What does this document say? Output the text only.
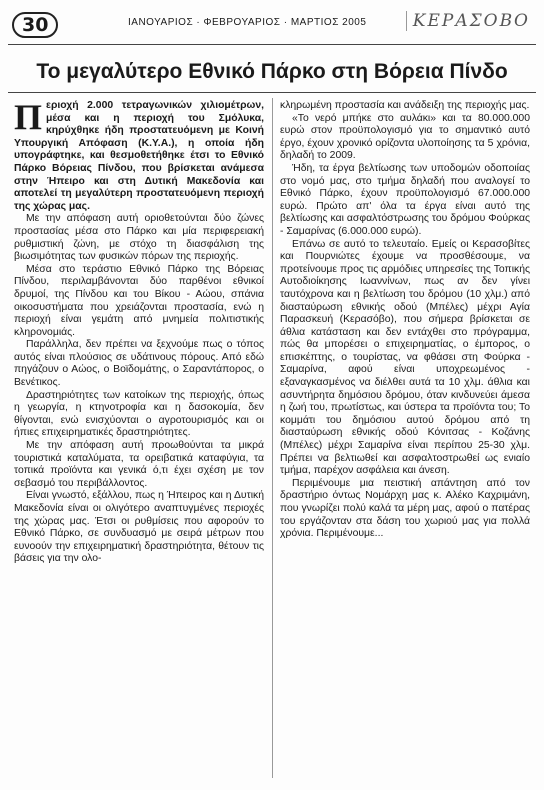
30	ΙΑΝΟΥΑΡΙΟΣ · ΦΕΒΡΟΥΑΡΙΟΣ · ΜΑΡΤΙΟΣ 2005	ΚΕΡΑΣΟΒΟ
Το μεγαλύτερο Εθνικό Πάρκο στη Βόρεια Πίνδο

Περιοχή 2.000 τετραγωνικών χιλιομέτρων, μέσα και η περιοχή του Σμόλυκα, κηρύχθηκε ήδη προστατευόμενη με Κοινή Υπουργική Απόφαση (Κ.Υ.Α.), η οποία ήδη υπογράφτηκε, και θεσμοθετήθηκε έτσι το Εθνικό Πάρκο Βόρειας Πίνδου, που βρίσκεται ανάμεσα στην Ήπειρο και στη Δυτική Μακεδονία και αποτελεί τη μεγαλύτερη προστατευόμενη περιοχή της χώρας μας.

Με την απόφαση αυτή οριοθετούνται δύο ζώνες προστασίας μέσα στο Πάρκο και μία περιφερειακή ρυθμιστική ζώνη, με στόχο τη διασφάλιση της βιωσιμότητας των φυσικών πόρων της περιοχής.

Μέσα στο τεράστιο Εθνικό Πάρκο της Βόρειας Πίνδου, περιλαμβάνονται δύο παρθένοι εθνικοί δρυμοί, της Πίνδου και του Βίκου - Αώου, σπάνια οικοσυστήματα που χρειάζονται προστασία, ενώ η περιοχή είναι γεμάτη από μνημεία πολιτιστικής κληρονομιάς.

Παράλληλα, δεν πρέπει να ξεχνούμε πως ο τόπος αυτός είναι πλούσιος σε υδάτινους πόρους. Από εδώ πηγάζουν ο Αώος, ο Βοϊδομάτης, ο Σαραντάπορος, ο Βενέτικος.

Δραστηριότητες των κατοίκων της περιοχής, όπως η γεωργία, η κτηνοτροφία και η δασοκομία, δεν θίγονται, ενώ ενισχύονται ο αγροτουρισμός και οι ήπιες επιχειρηματικές δραστηριότητες.

Με την απόφαση αυτή προωθούνται τα μικρά τουριστικά καταλύματα, τα ορειβατικά καταφύγια, τα τοπικά προϊόντα και γενικά ό,τι έχει σχέση με τον σεβασμό του περιβάλλοντος.

Είναι γνωστό, εξάλλου, πως η Ήπειρος και η Δυτική Μακεδονία είναι οι ολιγότερο αναπτυγμένες περιοχές της χώρας μας. Έτσι οι ρυθμίσεις που αφορούν το Εθνικό Πάρκο, σε συνδυασμό με σειρά μέτρων που ευνοούν την επιχειρηματική δραστηριότητα, θέτουν τις βάσεις για την ολο-

κληρωμένη προστασία και ανάδειξη της περιοχής μας.

«Το νερό μπήκε στο αυλάκι» και τα 80.000.000 ευρώ στον προϋπολογισμό για το σημαντικό αυτό έργο, έχουν χρονικό ορίζοντα υλοποίησης τα 5 χρόνια, δηλαδή το 2009.

Ήδη, τα έργα βελτίωσης των υποδομών οδοποιίας στο νομό μας, στο τμήμα δηλαδή που αναλογεί το Εθνικό Πάρκο, έχουν προϋπολογισμό 67.000.000 ευρώ. Πρώτο απ' όλα τα έργα είναι αυτό της βελτίωσης και ασφαλτόστρωσης του δρόμου Φούρκας - Σαμαρίνας (6.000.000 ευρώ).

Επάνω σε αυτό το τελευταίο. Εμείς οι Κερασοβίτες και Πουρνιώτες έχουμε να προσθέσουμε, να προτείνουμε προς τις αρμόδιες υπηρεσίες της Τοπικής Αυτοδιοίκησης Ιωαννίνων, πως αν δεν γίνει ταυτόχρονα και η βελτίωση του δρόμου (10 χλμ.) από διασταύρωση εθνικής οδού (Μπέλες) μέχρι Αγία Παρασκευή (Κερασόβο), που σήμερα βρίσκεται σε άθλια κατάσταση και δεν εντάχθει στο πρόγραμμα, πώς θα μπορέσει ο επιχειρηματίας, ο έμπορος, ο επισκέπτης, ο τουρίστας, να φθάσει στη Φούρκα - Σαμαρίνα, αφού είναι υποχρεωμένος - εξαναγκασμένος να διέλθει αυτά τα 10 χλμ. άθλια και ασυντήρητα δημόσιου δρόμου, όταν κινδυνεύει άμεσα η ζωή του, πρωτίστως, και ύστερα τα προϊόντα του; Το κομμάτι του δημόσιου αυτού δρόμου από τη διασταύρωση εθνικής οδού Κόνιτσας - Κοζάνης (Μπέλες) μέχρι Σαμαρίνα είναι περίπου 25-30 χλμ. Πρέπει να βελτιωθεί και ασφαλτοστρωθεί ως ενιαίο τμήμα, παρέχον ασφάλεια και άνεση.

Περιμένουμε μια πειστική απάντηση από τον δραστήριο όντως Νομάρχη μας κ. Αλέκο Καχριμάνη, που γνωρίζει πολύ καλά τα μέρη μας, αφού ο πατέρας του εργάζονταν στα δάση του χωριού μας για πολλά χρόνια. Περιμένουμε...
